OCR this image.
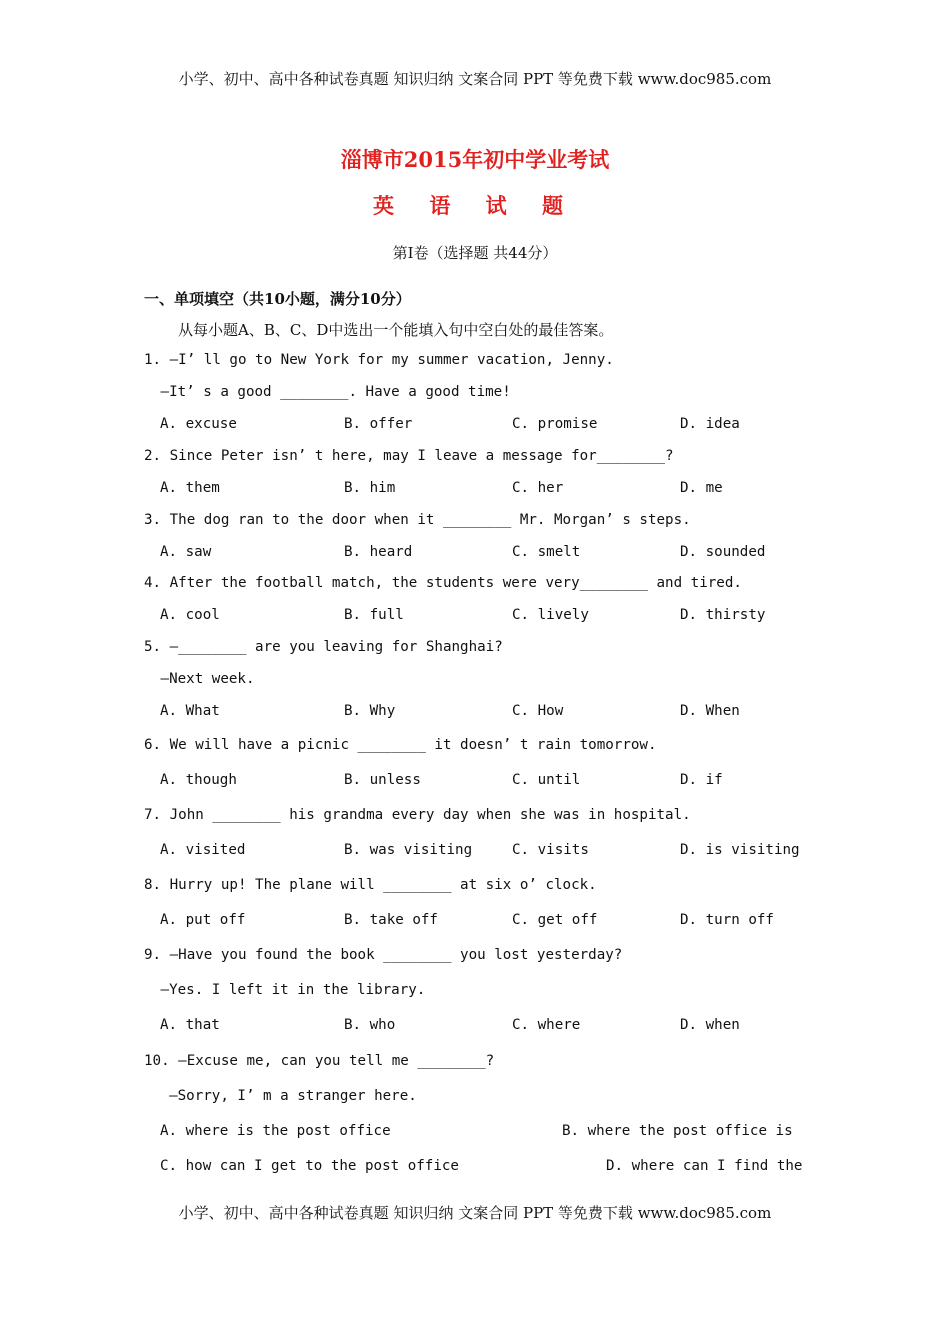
小学、初中、高中各种试卷真题 知识归纳 文案合同 PPT 等免费下载 www.doc985.com
淄博市2015年初中学业考试
英 语 试 题
第Ⅰ卷（选择题 共44分）
一、单项填空（共10小题，满分10分）
从每小题A、B、C、D中选出一个能填入句中空白处的最佳答案。
1. —I’ ll go to New York for my summer vacation, Jenny.
—It’ s a good ________. Have a good time!
A. excuse	B. offer	C. promise	D. idea
2. Since Peter isn’ t here, may I leave a message for________?
A. them	B. him	C. her	D. me
3. The dog ran to the door when it ________ Mr. Morgan’ s steps.
A. saw	B. heard	C. smelt	D. sounded
4. After the football match, the students were very________ and tired.
A. cool	B. full	C. lively	D. thirsty
5. —________ are you leaving for Shanghai?
—Next week.
A. What	B. Why	C. How	D. When
6. We will have a picnic ________ it doesn’ t rain tomorrow.
A. though	B. unless	C. until	D. if
7. John ________ his grandma every day when she was in hospital.
A. visited	B. was visiting	C. visits	D. is visiting
8. Hurry up! The plane will ________ at six o’ clock.
A. put off	B. take off	C. get off	D. turn off
9. —Have you found the book ________ you lost yesterday?
—Yes. I left it in the library.
A. that	B. who	C. where	D. when
10. —Excuse me, can you tell me ________?
—Sorry, I’ m a stranger here.
A. where is the post office	B. where the post office is
C. how can I get to the post office	D. where can I find the
小学、初中、高中各种试卷真题 知识归纳 文案合同 PPT 等免费下载 www.doc985.com
